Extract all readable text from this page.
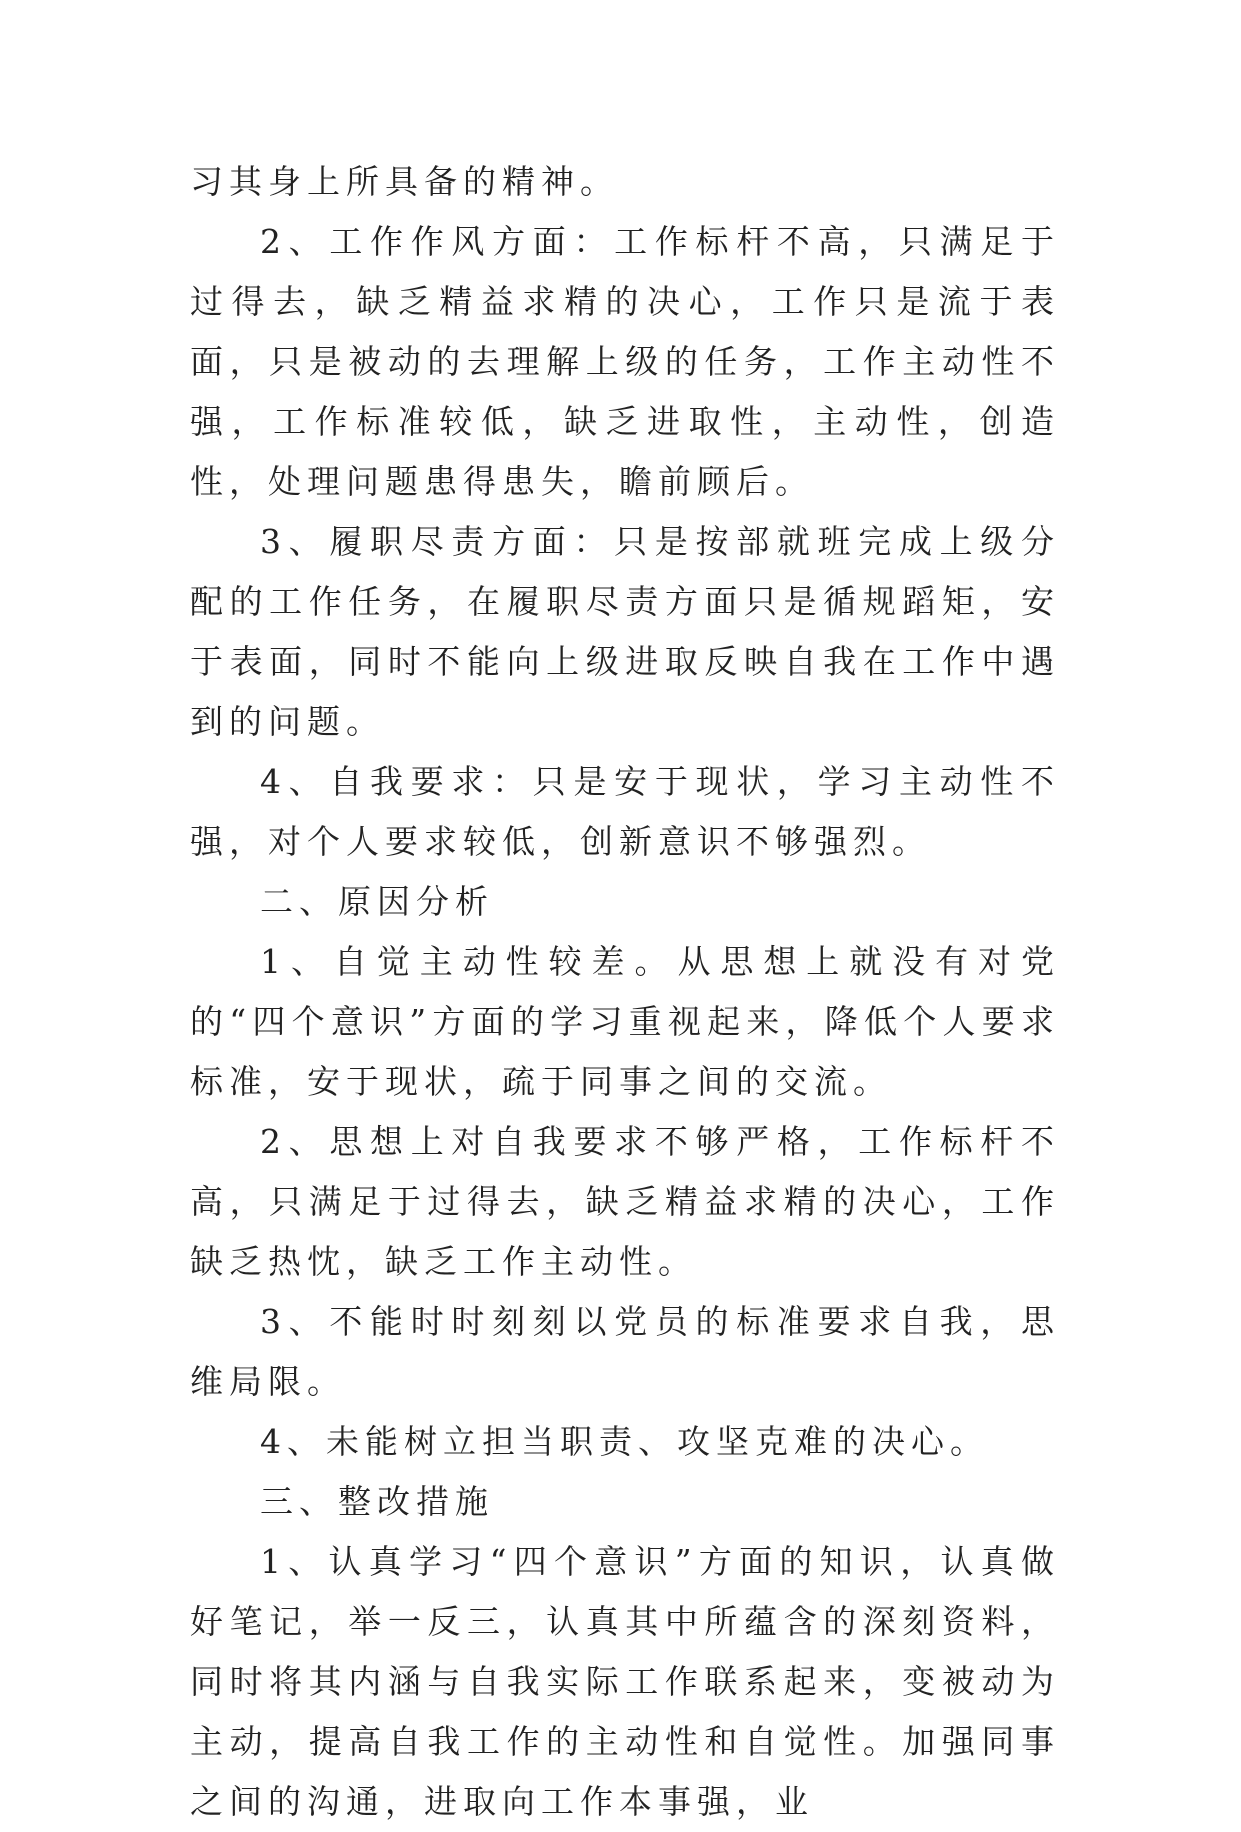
习其身上所具备的精神。

2、工作作风方面：工作标杆不高，只满足于过得去，缺乏精益求精的决心，工作只是流于表面，只是被动的去理解上级的任务，工作主动性不强，工作标准较低，缺乏进取性，主动性，创造性，处理问题患得患失，瞻前顾后。

3、履职尽责方面：只是按部就班完成上级分配的工作任务，在履职尽责方面只是循规蹈矩，安于表面，同时不能向上级进取反映自我在工作中遇到的问题。

4、自我要求：只是安于现状，学习主动性不强，对个人要求较低，创新意识不够强烈。

二、原因分析

1、自觉主动性较差。从思想上就没有对党的“四个意识”方面的学习重视起来，降低个人要求标准，安于现状，疏于同事之间的交流。

2、思想上对自我要求不够严格，工作标杆不高，只满足于过得去，缺乏精益求精的决心，工作缺乏热忱，缺乏工作主动性。

3、不能时时刻刻以党员的标准要求自我，思维局限。

4、未能树立担当职责、攻坚克难的决心。

三、整改措施

1、认真学习“四个意识”方面的知识，认真做好笔记，举一反三，认真其中所蕴含的深刻资料，同时将其内涵与自我实际工作联系起来，变被动为主动，提高自我工作的主动性和自觉性。加强同事之间的沟通，进取向工作本事强，业
